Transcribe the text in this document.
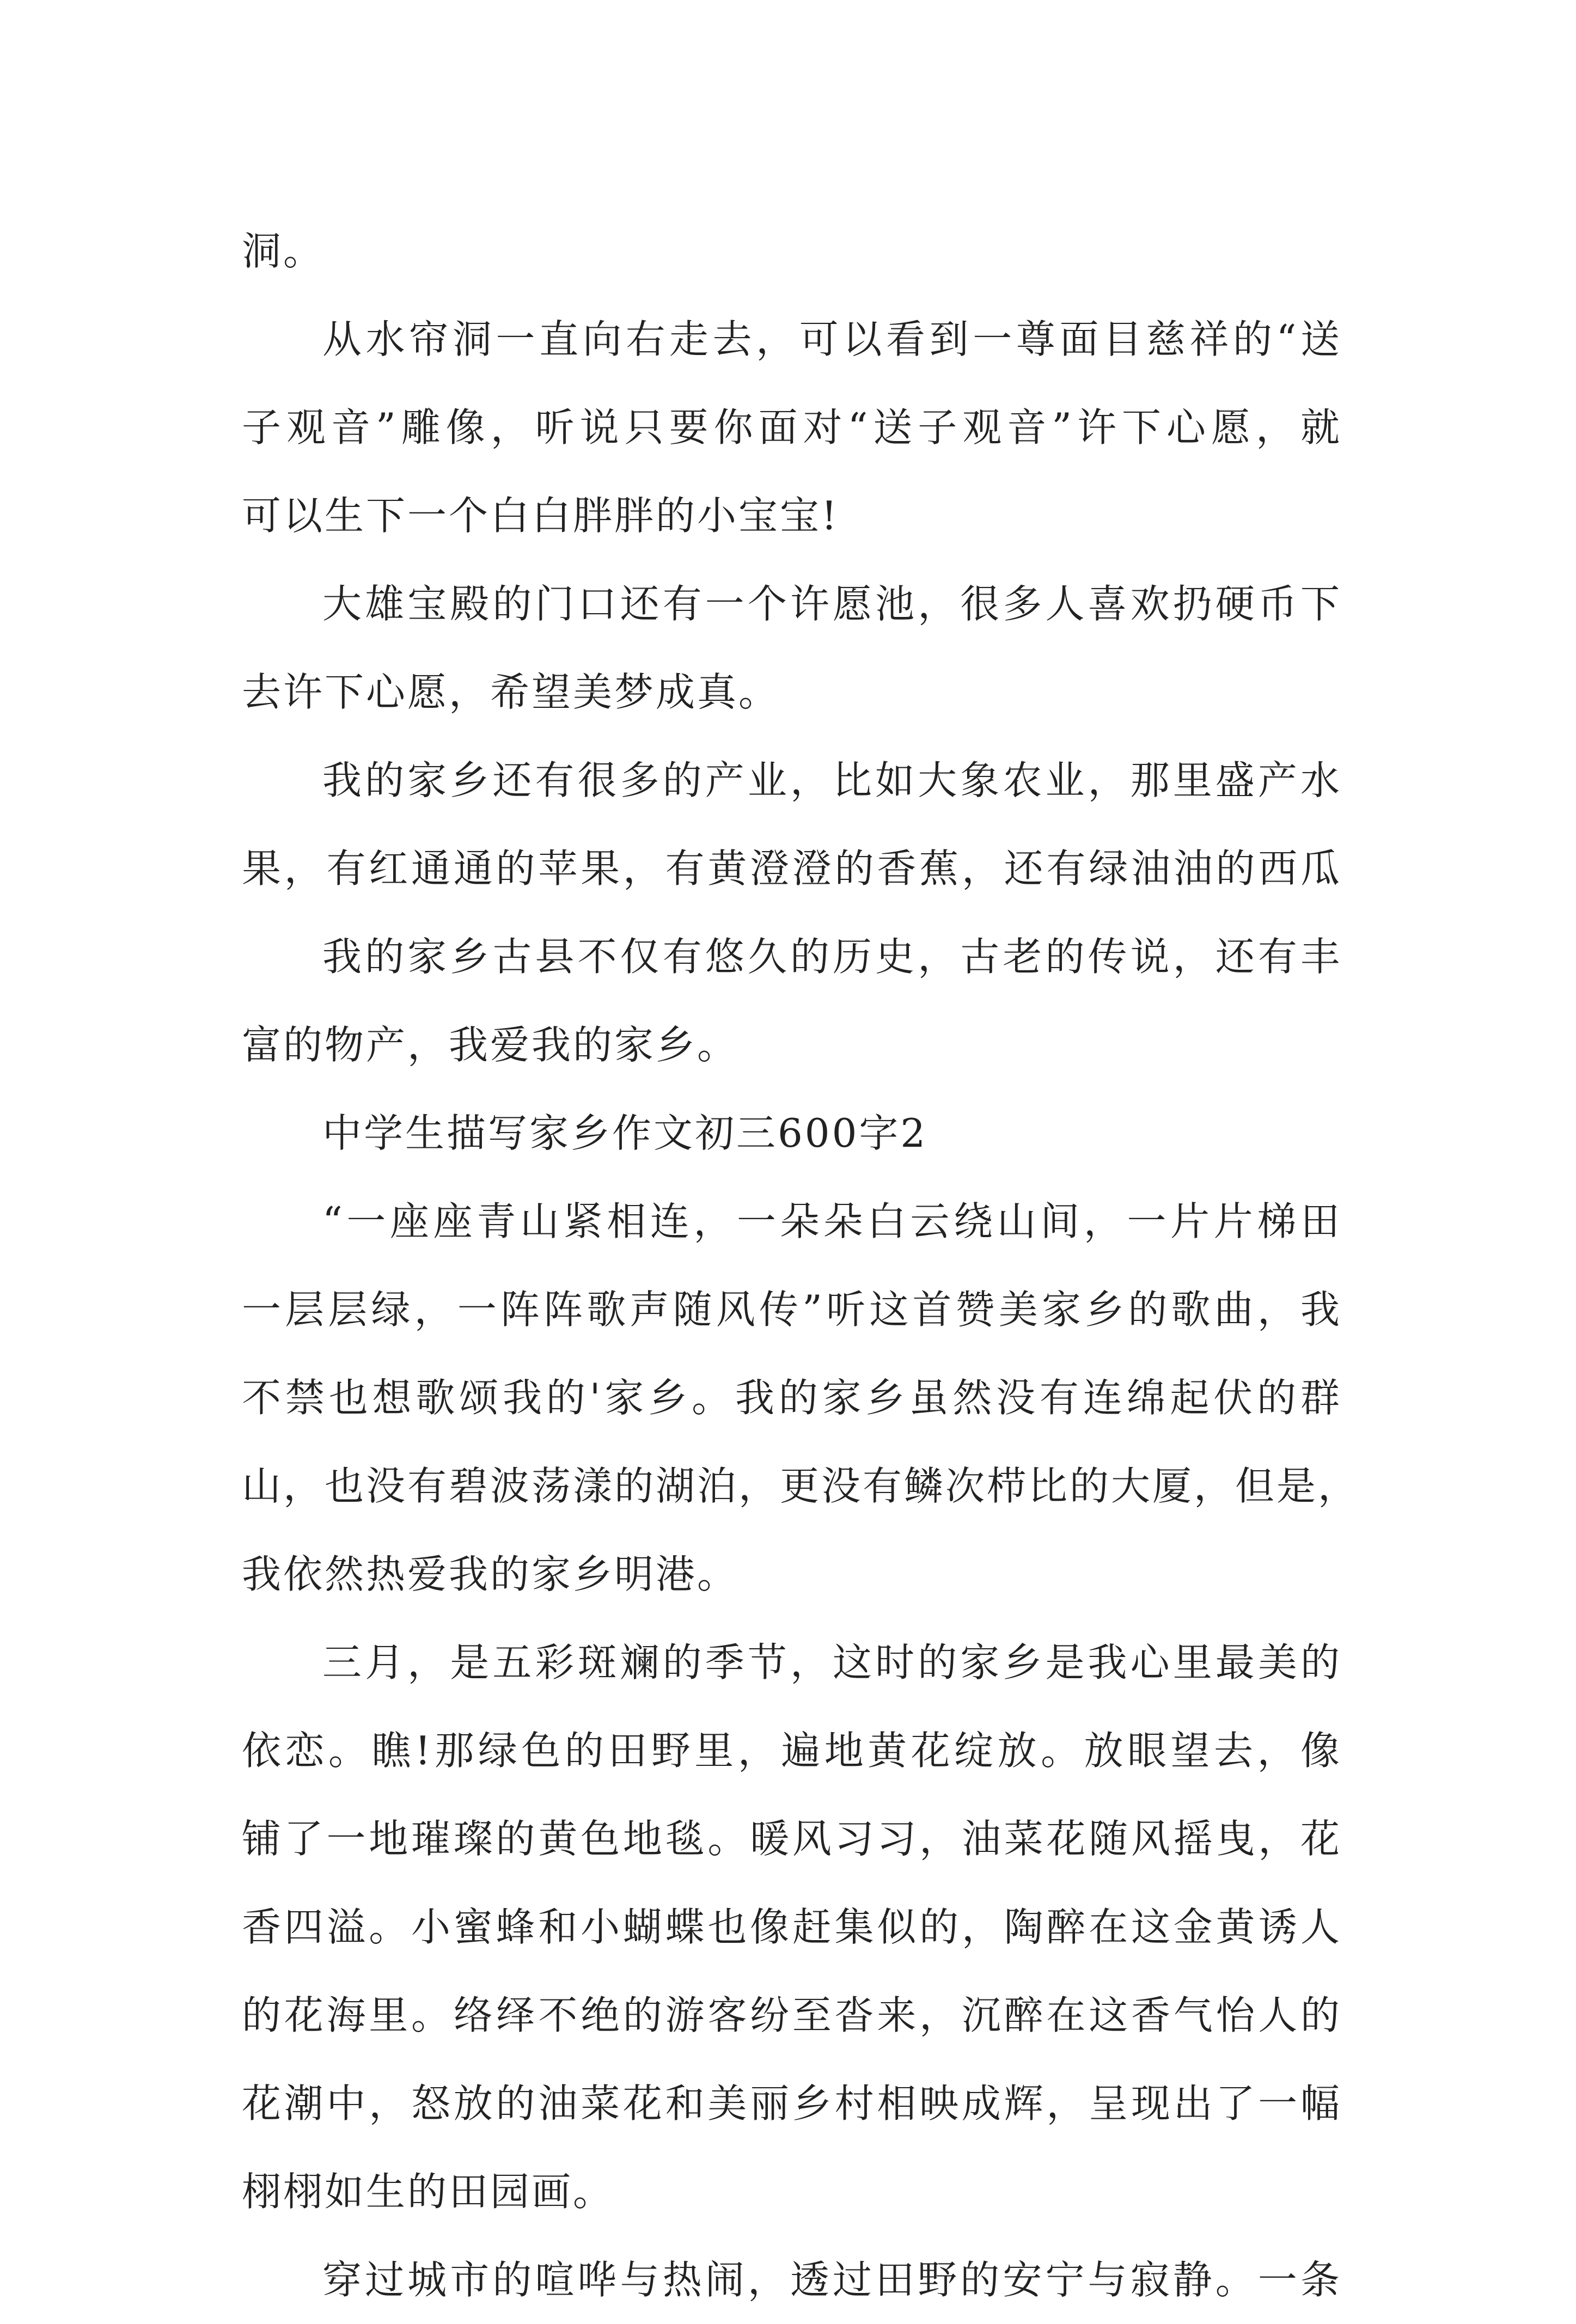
洞。
从水帘洞一直向右走去，可以看到一尊面目慈祥的“送
子观音”雕像，听说只要你面对“送子观音”许下心愿，就
可以生下一个白白胖胖的小宝宝!
大雄宝殿的门口还有一个许愿池，很多人喜欢扔硬币下
去许下心愿，希望美梦成真。
我的家乡还有很多的产业，比如大象农业，那里盛产水
果，有红通通的苹果，有黄澄澄的香蕉，还有绿油油的西瓜
我的家乡古县不仅有悠久的历史，古老的传说，还有丰
富的物产，我爱我的家乡。
中学生描写家乡作文初三600字2
“一座座青山紧相连，一朵朵白云绕山间，一片片梯田
一层层绿，一阵阵歌声随风传”听这首赞美家乡的歌曲，我
不禁也想歌颂我的'家乡。我的家乡虽然没有连绵起伏的群
山，也没有碧波荡漾的湖泊，更没有鳞次栉比的大厦，但是，
我依然热爱我的家乡明港。
三月，是五彩斑斓的季节，这时的家乡是我心里最美的
依恋。瞧!那绿色的田野里，遍地黄花绽放。放眼望去，像
铺了一地璀璨的黄色地毯。暖风习习，油菜花随风摇曳，花
香四溢。小蜜蜂和小蝴蝶也像赶集似的，陶醉在这金黄诱人
的花海里。络绎不绝的游客纷至沓来，沉醉在这香气怡人的
花潮中，怒放的油菜花和美丽乡村相映成辉，呈现出了一幅
栩栩如生的田园画。
穿过城市的喧哗与热闹，透过田野的安宁与寂静。一条
